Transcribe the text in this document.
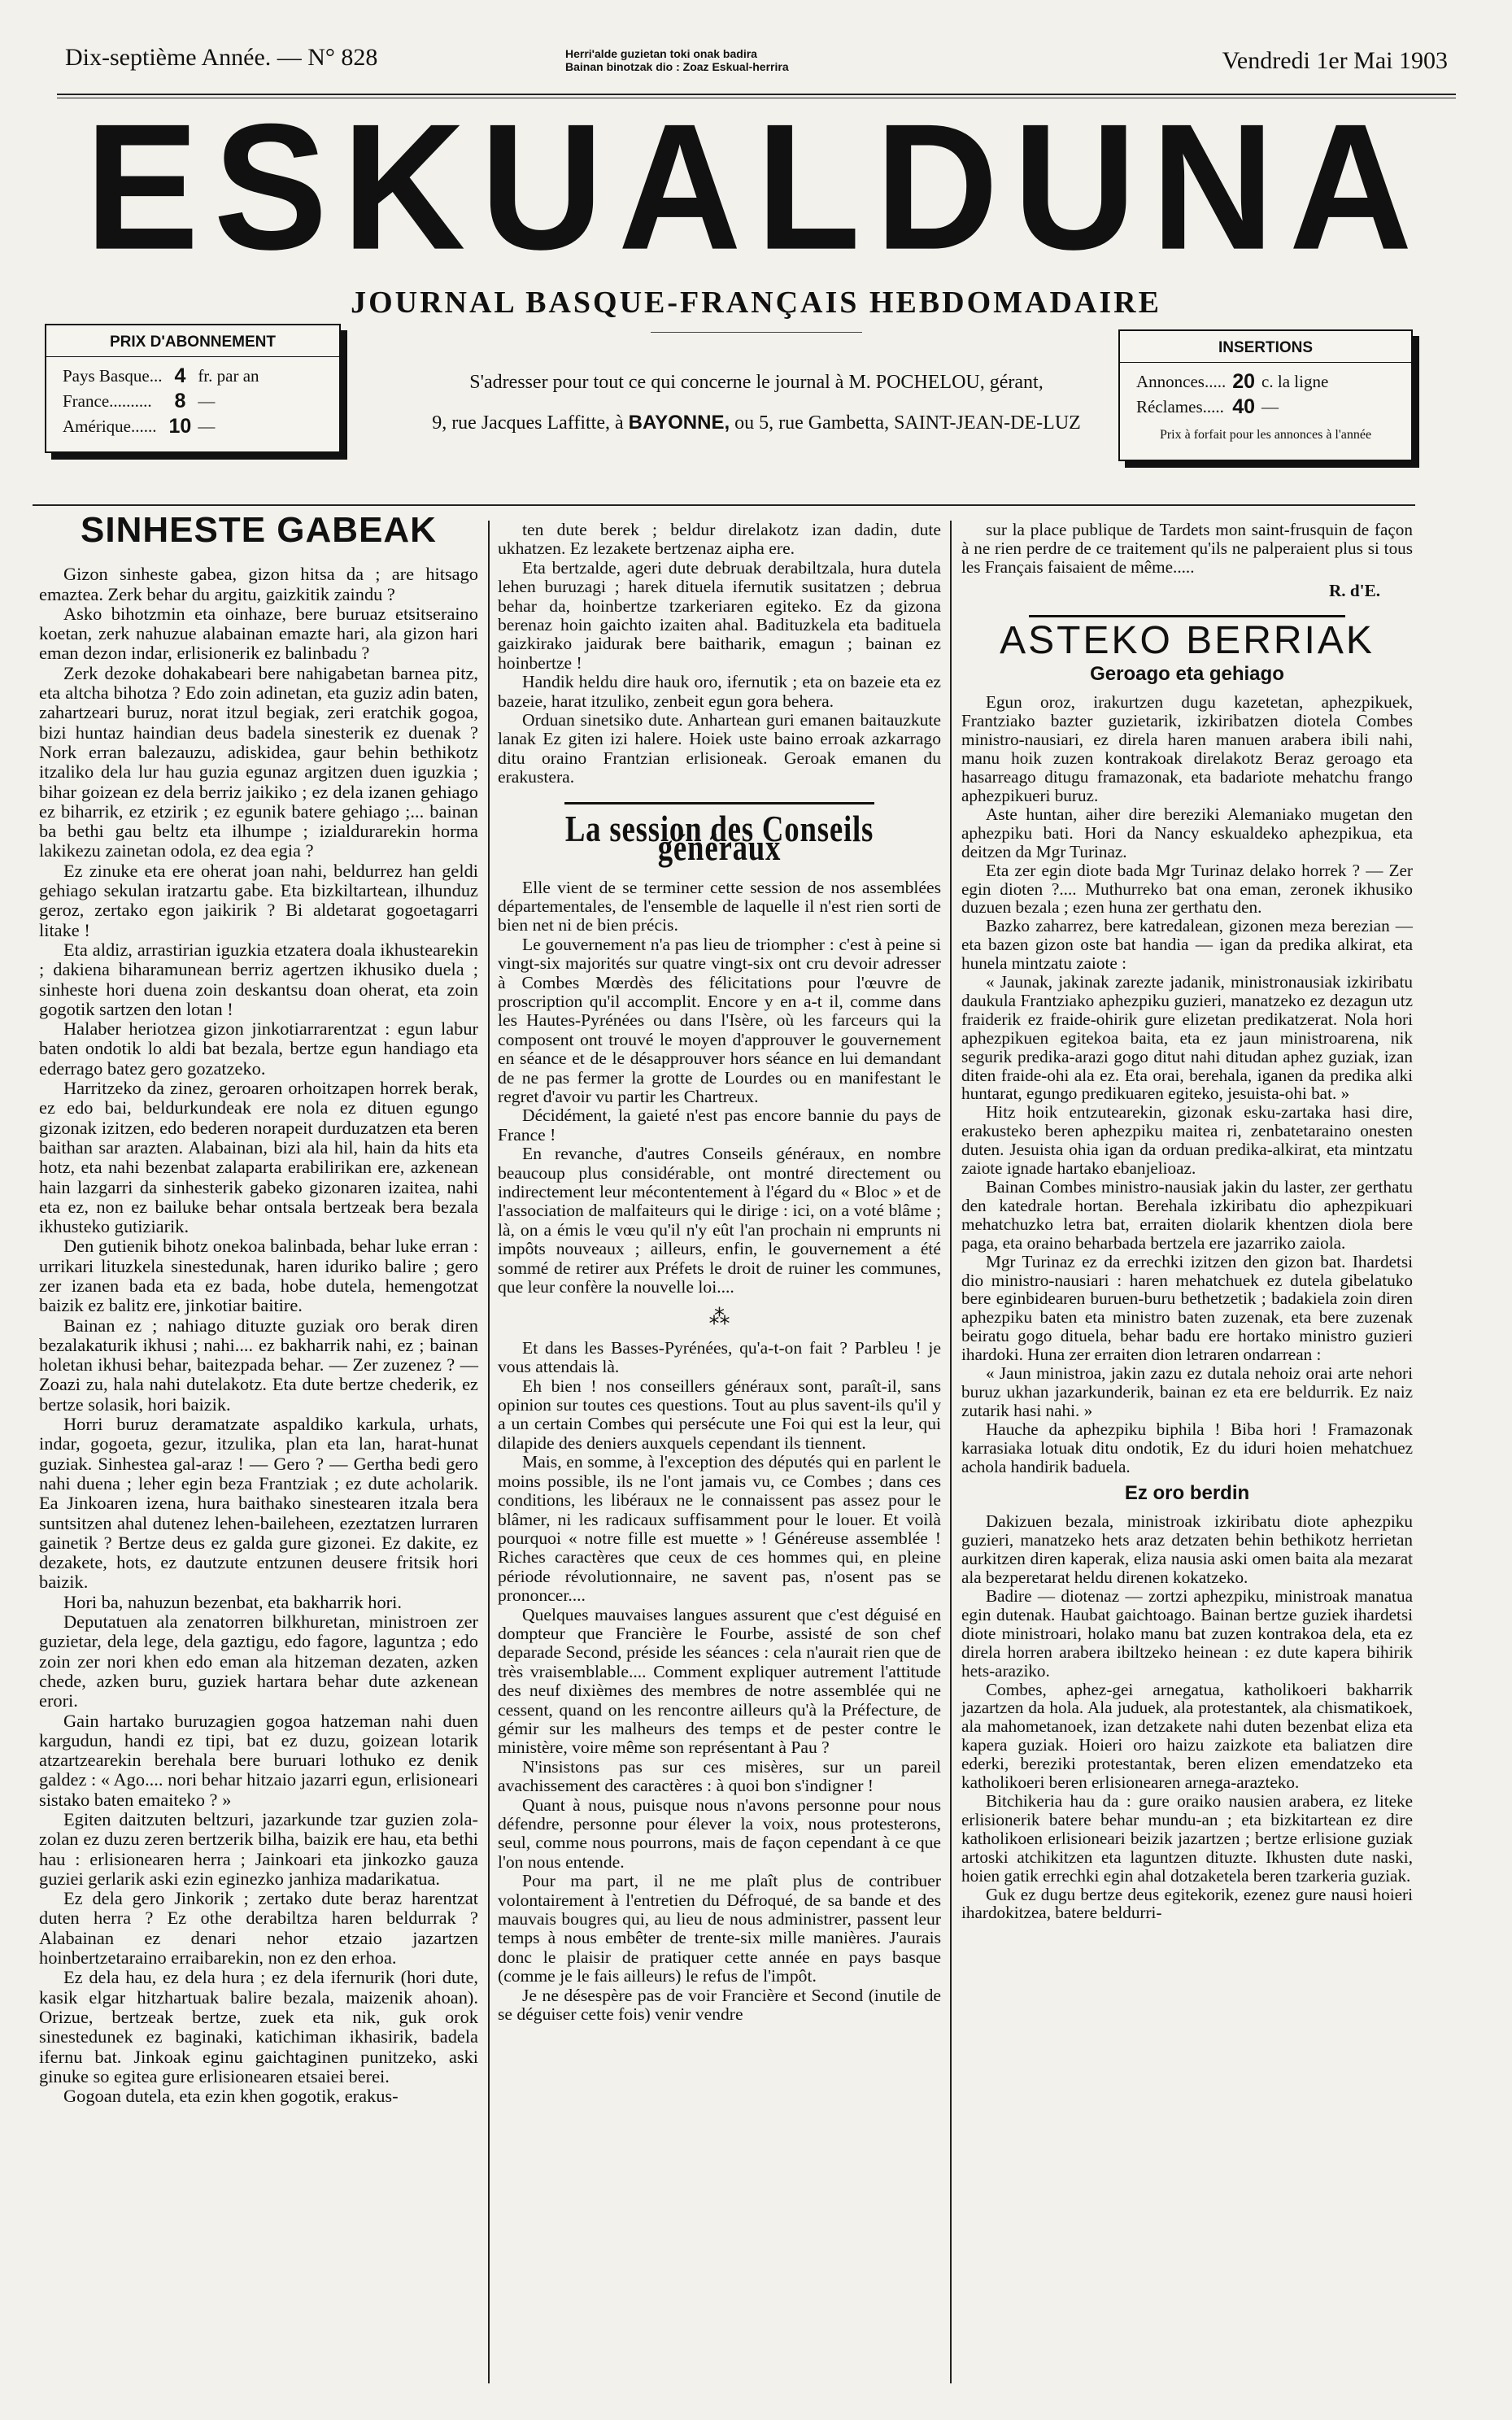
Dix-septième Année. — N° 828	Herri'alde guzietan toki onak badira
Bainan binotzak dio : Zoaz Eskual-herrira	Vendredi 1er Mai 1903
ESKUALDUNA
JOURNAL BASQUE-FRANÇAIS HEBDOMADAIRE
PRIX D'ABONNEMENT
Pays Basque...	4	fr. par an
France..........	8	—
Amérique......	10	—
S'adresser pour tout ce qui concerne le journal à M. POCHELOU, gérant,
9, rue Jacques Laffitte, à BAYONNE, ou 5, rue Gambetta, SAINT-JEAN-DE-LUZ
INSERTIONS
Annonces.....	20	c. la ligne
Réclames.....	40	—
Prix à forfait pour les annonces à l'année
SINHESTE GABEAK

Gizon sinheste gabea, gizon hitsa da ; are hitsago emaztea. Zerk behar du argitu, gaizkitik zaindu ?

Asko bihotzmin eta oinhaze, bere buruaz etsitseraino koetan, zerk nahuzue alabainan emazte hari, ala gizon hari eman dezon indar, erlisionerik ez balinbadu ?

Zerk dezoke dohakabeari bere nahigabetan barnea pitz, eta altcha bihotza ? Edo zoin adinetan, eta guziz adin baten, zahartzeari buruz, norat itzul begiak, zeri eratchik gogoa, bizi huntaz haindian deus badela sinesterik ez duenak ? Nork erran balezauzu, adiskidea, gaur behin bethikotz itzaliko dela lur hau guzia egunaz argitzen duen iguzkia ; bihar goizean ez dela berriz jaikiko ; ez dela izanen gehiago ez biharrik, ez etzirik ; ez egunik batere gehiago ;... bainan ba bethi gau beltz eta ilhumpe ; izialdurarekin horma lakikezu zainetan odola, ez dea egia ?

Ez zinuke eta ere oherat joan nahi, beldurrez han geldi gehiago sekulan iratzartu gabe. Eta bizkiltartean, ilhunduz geroz, zertako egon jaikirik ? Bi aldetarat gogoetagarri litake !

Eta aldiz, arrastirian iguzkia etzatera doala ikhustearekin ; dakiena biharamunean berriz agertzen ikhusiko duela ; sinheste hori duena zoin deskantsu doan oherat, eta zoin gogotik sartzen den lotan !

Halaber heriotzea gizon jinkotiarrarentzat : egun labur baten ondotik lo aldi bat bezala, bertze egun handiago eta ederrago batez gero gozatzeko.

Harritzeko da zinez, geroaren orhoitzapen horrek berak, ez edo bai, beldurkundeak ere nola ez dituen egungo gizonak izitzen, edo bederen norapeit durduzatzen eta beren baithan sar arazten. Alabainan, bizi ala hil, hain da hits eta hotz, eta nahi bezenbat zalaparta erabilirikan ere, azkenean hain lazgarri da sinhesterik gabeko gizonaren izaitea, nahi eta ez, non ez bailuke behar ontsala bertzeak bera bezala ikhusteko gutiziarik.

Den gutienik bihotz onekoa balinbada, behar luke erran : urrikari lituzkela sinestedunak, haren iduriko balire ; gero zer izanen bada eta ez bada, hobe dutela, hemengotzat baizik ez balitz ere, jinkotiar baitire.

Bainan ez ; nahiago dituzte guziak oro berak diren bezalakaturik ikhusi ; nahi.... ez bakharrik nahi, ez ; bainan holetan ikhusi behar, baitezpada behar. — Zer zuzenez ? — Zoazi zu, hala nahi dutelakotz. Eta dute bertze chederik, ez bertze solasik, hori baizik.

Horri buruz deramatzate aspaldiko karkula, urhats, indar, gogoeta, gezur, itzulika, plan eta lan, harat-hunat guziak. Sinhestea gal-araz ! — Gero ? — Gertha bedi gero nahi duena ; leher egin beza Frantziak ; ez dute acholarik. Ea Jinkoaren izena, hura baithako sinestearen itzala bera suntsitzen ahal dutenez lehen-baileheen, ezeztatzen lurraren gainetik ? Bertze deus ez galda gure gizonei. Ez dakite, ez dezakete, hots, ez dautzute entzunen deusere fritsik hori baizik.

Hori ba, nahuzun bezenbat, eta bakharrik hori.

Deputatuen ala zenatorren bilkhuretan, ministroen zer guzietar, dela lege, dela gaztigu, edo fagore, laguntza ; edo zoin zer nori khen edo eman ala hitzeman dezaten, azken chede, azken buru, guziek hartara behar dute azkenean erori.

Gain hartako buruzagien gogoa hatzeman nahi duen kargudun, handi ez tipi, bat ez duzu, goizean lotarik atzartzearekin berehala bere buruari lothuko ez denik galdez : « Ago.... nori behar hitzaio jazarri egun, erlisioneari sistako baten emaiteko ? »

Egiten daitzuten beltzuri, jazarkunde tzar guzien zola-zolan ez duzu zeren bertzerik bilha, baizik ere hau, eta bethi hau : erlisionearen herra ; Jainkoari eta jinkozko gauza guziei gerlarik aski ezin eginezko janhiza madarikatua.

Ez dela gero Jinkorik ; zertako dute beraz harentzat duten herra ? Ez othe derabiltza haren beldurrak ? Alabainan ez denari nehor etzaio jazartzen hoinbertzetaraino erraibarekin, non ez den erhoa.

Ez dela hau, ez dela hura ; ez dela ifernurik (hori dute, kasik elgar hitzhartuak balire bezala, maizenik ahoan). Orizue, bertzeak bertze, zuek eta nik, guk orok sinestedunek ez baginaki, katichiman ikhasirik, badela ifernu bat. Jinkoak eginu gaichtaginen punitzeko, aski ginuke so egitea gure erlisionearen etsaiei berei.

Gogoan dutela, eta ezin khen gogotik, erakus-

ten dute berek ; beldur direlakotz izan dadin, dute ukhatzen. Ez lezakete bertzenaz aipha ere.

Eta bertzalde, ageri dute debruak derabiltzala, hura dutela lehen buruzagi ; harek dituela ifernutik susitatzen ; debrua behar da, hoinbertze tzarkeriaren egiteko. Ez da gizona berenaz hoin gaichto izaiten ahal. Badituzkela eta badituela gaizkirako jaidurak bere baitharik, emagun ; bainan ez hoinbertze !

Handik heldu dire hauk oro, ifernutik ; eta on bazeie eta ez bazeie, harat itzuliko, zenbeit egun gora behera.

Orduan sinetsiko dute. Anhartean guri emanen baitauzkute lanak Ez giten izi halere. Hoiek uste baino erroak azkarrago ditu oraino Frantzian erlisioneak. Geroak emanen du erakustera.

La session des Conseils généraux

Elle vient de se terminer cette session de nos assemblées départementales, de l'ensemble de laquelle il n'est rien sorti de bien net ni de bien précis.

Le gouvernement n'a pas lieu de triompher : c'est à peine si vingt-six majorités sur quatre vingt-six ont cru devoir adresser à Combes Mœrdès des félicitations pour l'œuvre de proscription qu'il accomplit. Encore y en a-t il, comme dans les Hautes-Pyrénées ou dans l'Isère, où les farceurs qui la composent ont trouvé le moyen d'approuver le gouvernement en séance et de le désapprouver hors séance en lui demandant de ne pas fermer la grotte de Lourdes ou en manifestant le regret d'avoir vu partir les Chartreux.

Décidément, la gaieté n'est pas encore bannie du pays de France !

En revanche, d'autres Conseils généraux, en nombre beaucoup plus considérable, ont montré directement ou indirectement leur mécontentement à l'égard du « Bloc » et de l'association de malfaiteurs qui le dirige : ici, on a voté blâme ; là, on a émis le vœu qu'il n'y eût l'an prochain ni emprunts ni impôts nouveaux ; ailleurs, enfin, le gouvernement a été sommé de retirer aux Préfets le droit de ruiner les communes, que leur confère la nouvelle loi....

⁂

Et dans les Basses-Pyrénées, qu'a-t-on fait ? Parbleu ! je vous attendais là.

Eh bien ! nos conseillers généraux sont, paraît-il, sans opinion sur toutes ces questions. Tout au plus savent-ils qu'il y a un certain Combes qui persécute une Foi qui est la leur, qui dilapide des deniers auxquels cependant ils tiennent.

Mais, en somme, à l'exception des députés qui en parlent le moins possible, ils ne l'ont jamais vu, ce Combes ; dans ces conditions, les libéraux ne le connaissent pas assez pour le blâmer, ni les radicaux suffisamment pour le louer. Et voilà pourquoi « notre fille est muette » ! Généreuse assemblée ! Riches caractères que ceux de ces hommes qui, en pleine période révolutionnaire, ne savent pas, n'osent pas se prononcer....

Quelques mauvaises langues assurent que c'est déguisé en dompteur que Francière le Fourbe, assisté de son chef deparade Second, préside les séances : cela n'aurait rien que de très vraisemblable.... Comment expliquer autrement l'attitude des neuf dixièmes des membres de notre assemblée qui ne cessent, quand on les rencontre ailleurs qu'à la Préfecture, de gémir sur les malheurs des temps et de pester contre le ministère, voire même son représentant à Pau ?

N'insistons pas sur ces misères, sur un pareil avachissement des caractères : à quoi bon s'indigner !

Quant à nous, puisque nous n'avons personne pour nous défendre, personne pour élever la voix, nous protesterons, seul, comme nous pourrons, mais de façon cependant à ce que l'on nous entende.

Pour ma part, il ne me plaît plus de contribuer volontairement à l'entretien du Défroqué, de sa bande et des mauvais bougres qui, au lieu de nous administrer, passent leur temps à nous embêter de trente-six mille manières. J'aurais donc le plaisir de pratiquer cette année en pays basque (comme je le fais ailleurs) le refus de l'impôt.

Je ne désespère pas de voir Francière et Second (inutile de se déguiser cette fois) venir vendre

sur la place publique de Tardets mon saint-frusquin de façon à ne rien perdre de ce traitement qu'ils ne palperaient plus si tous les Français faisaient de même.....

R. d'E.
ASTEKO BERRIAK
Geroago eta gehiago

Egun oroz, irakurtzen dugu kazetetan, aphezpikuek, Frantziako bazter guzietarik, izkiribatzen diotela Combes ministro-nausiari, ez direla haren manuen arabera ibili nahi, manu hoik zuzen kontrakoak direlakotz Beraz geroago eta hasarreago ditugu framazonak, eta badariote mehatchu frango aphezpikueri buruz.

Aste huntan, aiher dire bereziki Alemaniako mugetan den aphezpiku bati. Hori da Nancy eskualdeko aphezpikua, eta deitzen da Mgr Turinaz.

Eta zer egin diote bada Mgr Turinaz delako horrek ? — Zer egin dioten ?.... Muthurreko bat ona eman, zeronek ikhusiko duzuen bezala ; ezen huna zer gerthatu den.

Bazko zaharrez, bere katredalean, gizonen meza berezian — eta bazen gizon oste bat handia — igan da predika alkirat, eta hunela mintzatu zaiote :

« Jaunak, jakinak zarezte jadanik, ministronausiak izkiribatu daukula Frantziako aphezpiku guzieri, manatzeko ez dezagun utz fraiderik ez fraide-ohirik gure elizetan predikatzerat. Nola hori aphezpikuen egitekoa baita, eta ez jaun ministroarena, nik segurik predika-arazi gogo ditut nahi ditudan aphez guziak, izan diten fraide-ohi ala ez. Eta orai, berehala, iganen da predika alki huntarat, egungo predikuaren egiteko, jesuista-ohi bat. »

Hitz hoik entzutearekin, gizonak esku-zartaka hasi dire, erakusteko beren aphezpiku maitea ri, zenbatetaraino onesten duten. Jesuista ohia igan da orduan predika-alkirat, eta mintzatu zaiote ignade hartako ebanjelioaz.

Bainan Combes ministro-nausiak jakin du laster, zer gerthatu den katedrale hortan. Berehala izkiribatu dio aphezpikuari mehatchuzko letra bat, erraiten diolarik khentzen diola bere paga, eta oraino beharbada bertzela ere jazarriko zaiola.

Mgr Turinaz ez da errechki izitzen den gizon bat. Ihardetsi dio ministro-nausiari : haren mehatchuek ez dutela gibelatuko bere eginbidearen buruen-buru bethetzetik ; badakiela zoin diren aphezpiku baten eta ministro baten zuzenak, eta bere zuzenak beiratu gogo dituela, behar badu ere hortako ministro guzieri ihardoki. Huna zer erraiten dion letraren ondarrean :

« Jaun ministroa, jakin zazu ez dutala nehoiz orai arte nehori buruz ukhan jazarkunderik, bainan ez eta ere beldurrik. Ez naiz zutarik hasi nahi. »

Hauche da aphezpiku biphila ! Biba hori ! Framazonak karrasiaka lotuak ditu ondotik, Ez du iduri hoien mehatchuez achola handirik baduela.

Ez oro berdin

Dakizuen bezala, ministroak izkiribatu diote aphezpiku guzieri, manatzeko hets araz detzaten behin bethikotz herrietan aurkitzen diren kaperak, eliza nausia aski omen baita ala mezarat ala bezperetarat heldu direnen kokatzeko.

Badire — diotenaz — zortzi aphezpiku, ministroak manatua egin dutenak. Haubat gaichtoago. Bainan bertze guziek ihardetsi diote ministroari, holako manu bat zuzen kontrakoa dela, eta ez direla horren arabera ibiltzeko heinean : ez dute kapera bihirik hets-araziko.

Combes, aphez-gei arnegatua, katholikoeri bakharrik jazartzen da hola. Ala juduek, ala protestantek, ala chismatikoek, ala mahometanoek, izan detzakete nahi duten bezenbat eliza eta kapera guziak. Hoieri oro haizu zaizkote eta baliatzen dire ederki, bereziki protestantak, beren elizen emendatzeko eta katholikoeri beren erlisionearen arnega-arazteko.

Bitchikeria hau da : gure oraiko nausien arabera, ez liteke erlisionerik batere behar mundu-an ; eta bizkitartean ez dire katholikoen erlisioneari beizik jazartzen ; bertze erlisione guziak artoski atchikitzen eta laguntzen dituzte. Ikhusten dute naski, hoien gatik errechki egin ahal dotzaketela beren tzarkeria guziak.

Guk ez dugu bertze deus egitekorik, ezenez gure nausi hoieri ihardokitzea, batere beldurri-
